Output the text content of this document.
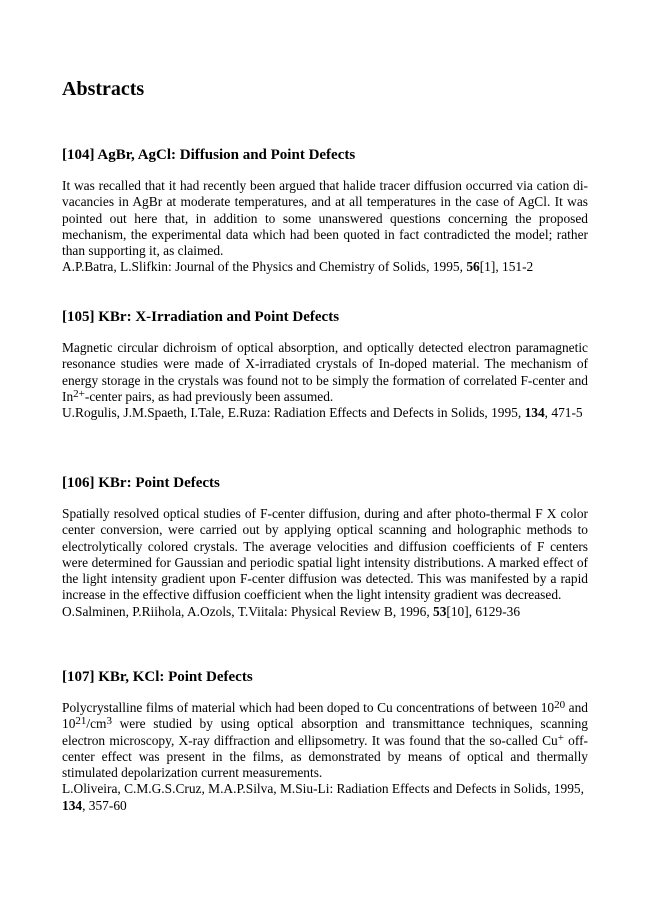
Abstracts
[104] AgBr, AgCl: Diffusion and Point Defects
It was recalled that it had recently been argued that halide tracer diffusion occurred via cation di-vacancies in AgBr at moderate temperatures, and at all temperatures in the case of AgCl. It was pointed out here that, in addition to some unanswered questions concerning the proposed mechanism, the experimental data which had been quoted in fact contradicted the model; rather than supporting it, as claimed.
A.P.Batra, L.Slifkin: Journal of the Physics and Chemistry of Solids, 1995, 56[1], 151-2
[105] KBr: X-Irradiation and Point Defects
Magnetic circular dichroism of optical absorption, and optically detected electron paramagnetic resonance studies were made of X-irradiated crystals of In-doped material. The mechanism of energy storage in the crystals was found not to be simply the formation of correlated F-center and $In^{2+}$-center pairs, as had previously been assumed.
U.Rogulis, J.M.Spaeth, I.Tale, E.Ruza: Radiation Effects and Defects in Solids, 1995, 134, 471-5
[106] KBr: Point Defects
Spatially resolved optical studies of F-center diffusion, during and after photo-thermal F X color center conversion, were carried out by applying optical scanning and holographic methods to electrolytically colored crystals. The average velocities and diffusion coefficients of F centers were determined for Gaussian and periodic spatial light intensity distributions. A marked effect of the light intensity gradient upon F-center diffusion was detected. This was manifested by a rapid increase in the effective diffusion coefficient when the light intensity gradient was decreased.
O.Salminen, P.Riihola, A.Ozols, T.Viitala: Physical Review B, 1996, 53[10], 6129-36
[107] KBr, KCl: Point Defects
Polycrystalline films of material which had been doped to Cu concentrations of between $10^{20}$ and $10^{21}/cm^3$ were studied by using optical absorption and transmittance techniques, scanning electron microscopy, X-ray diffraction and ellipsometry. It was found that the so-called Cu+ off-center effect was present in the films, as demonstrated by means of optical and thermally stimulated depolarization current measurements.
L.Oliveira, C.M.G.S.Cruz, M.A.P.Silva, M.Siu-Li: Radiation Effects and Defects in Solids, 1995, 134, 357-60
